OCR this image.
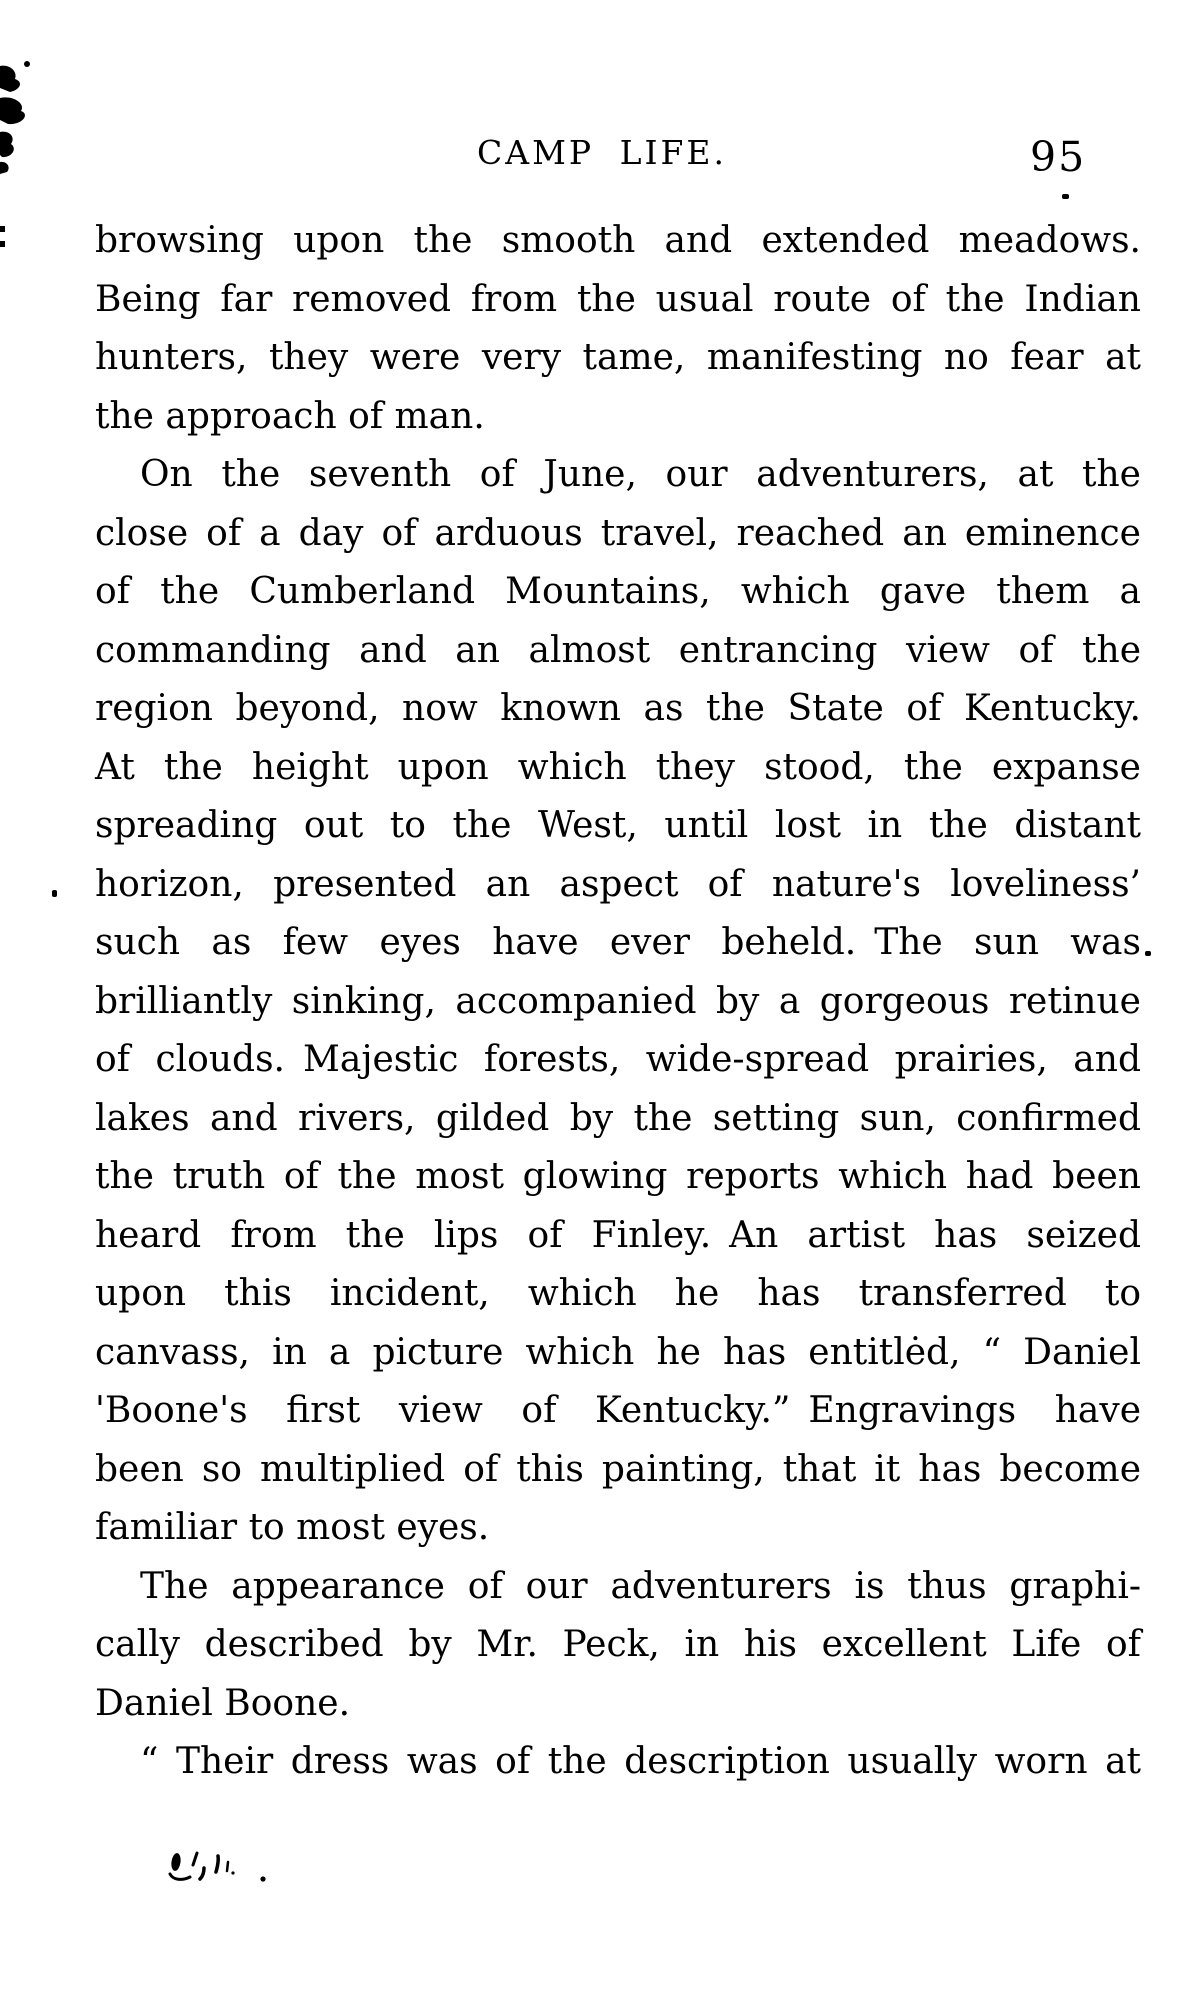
CAMP LIFE.	95
browsing upon the smooth and extended meadows.
Being far removed from the usual route of the Indian
hunters, they were very tame, manifesting no fear at
the approach of man.
On the seventh of June, our adventurers, at the
close of a day of arduous travel, reached an eminence
of the Cumberland Mountains, which gave them a
commanding and an almost entrancing view of the
region beyond, now known as the State of Kentucky.
At the height upon which they stood, the expanse
spreading out to the West, until lost in the distant
horizon, presented an aspect of nature's loveliness’
such as few eyes have ever beheld. The sun was
brilliantly sinking, accompanied by a gorgeous retinue
of clouds. Majestic forests, wide-spread prairies, and
lakes and rivers, gilded by the setting sun, confirmed
the truth of the most glowing reports which had been
heard from the lips of Finley. An artist has seized
upon this incident, which he has transferred to
canvass, in a picture which he has entitlėd, “ Daniel
'Boone's first view of Kentucky.” Engravings have
been so multiplied of this painting, that it has become
familiar to most eyes.
The appearance of our adventurers is thus graphi-
cally described by Mr. Peck, in his excellent Life of
Daniel Boone.
“ Their dress was of the description usually worn at
